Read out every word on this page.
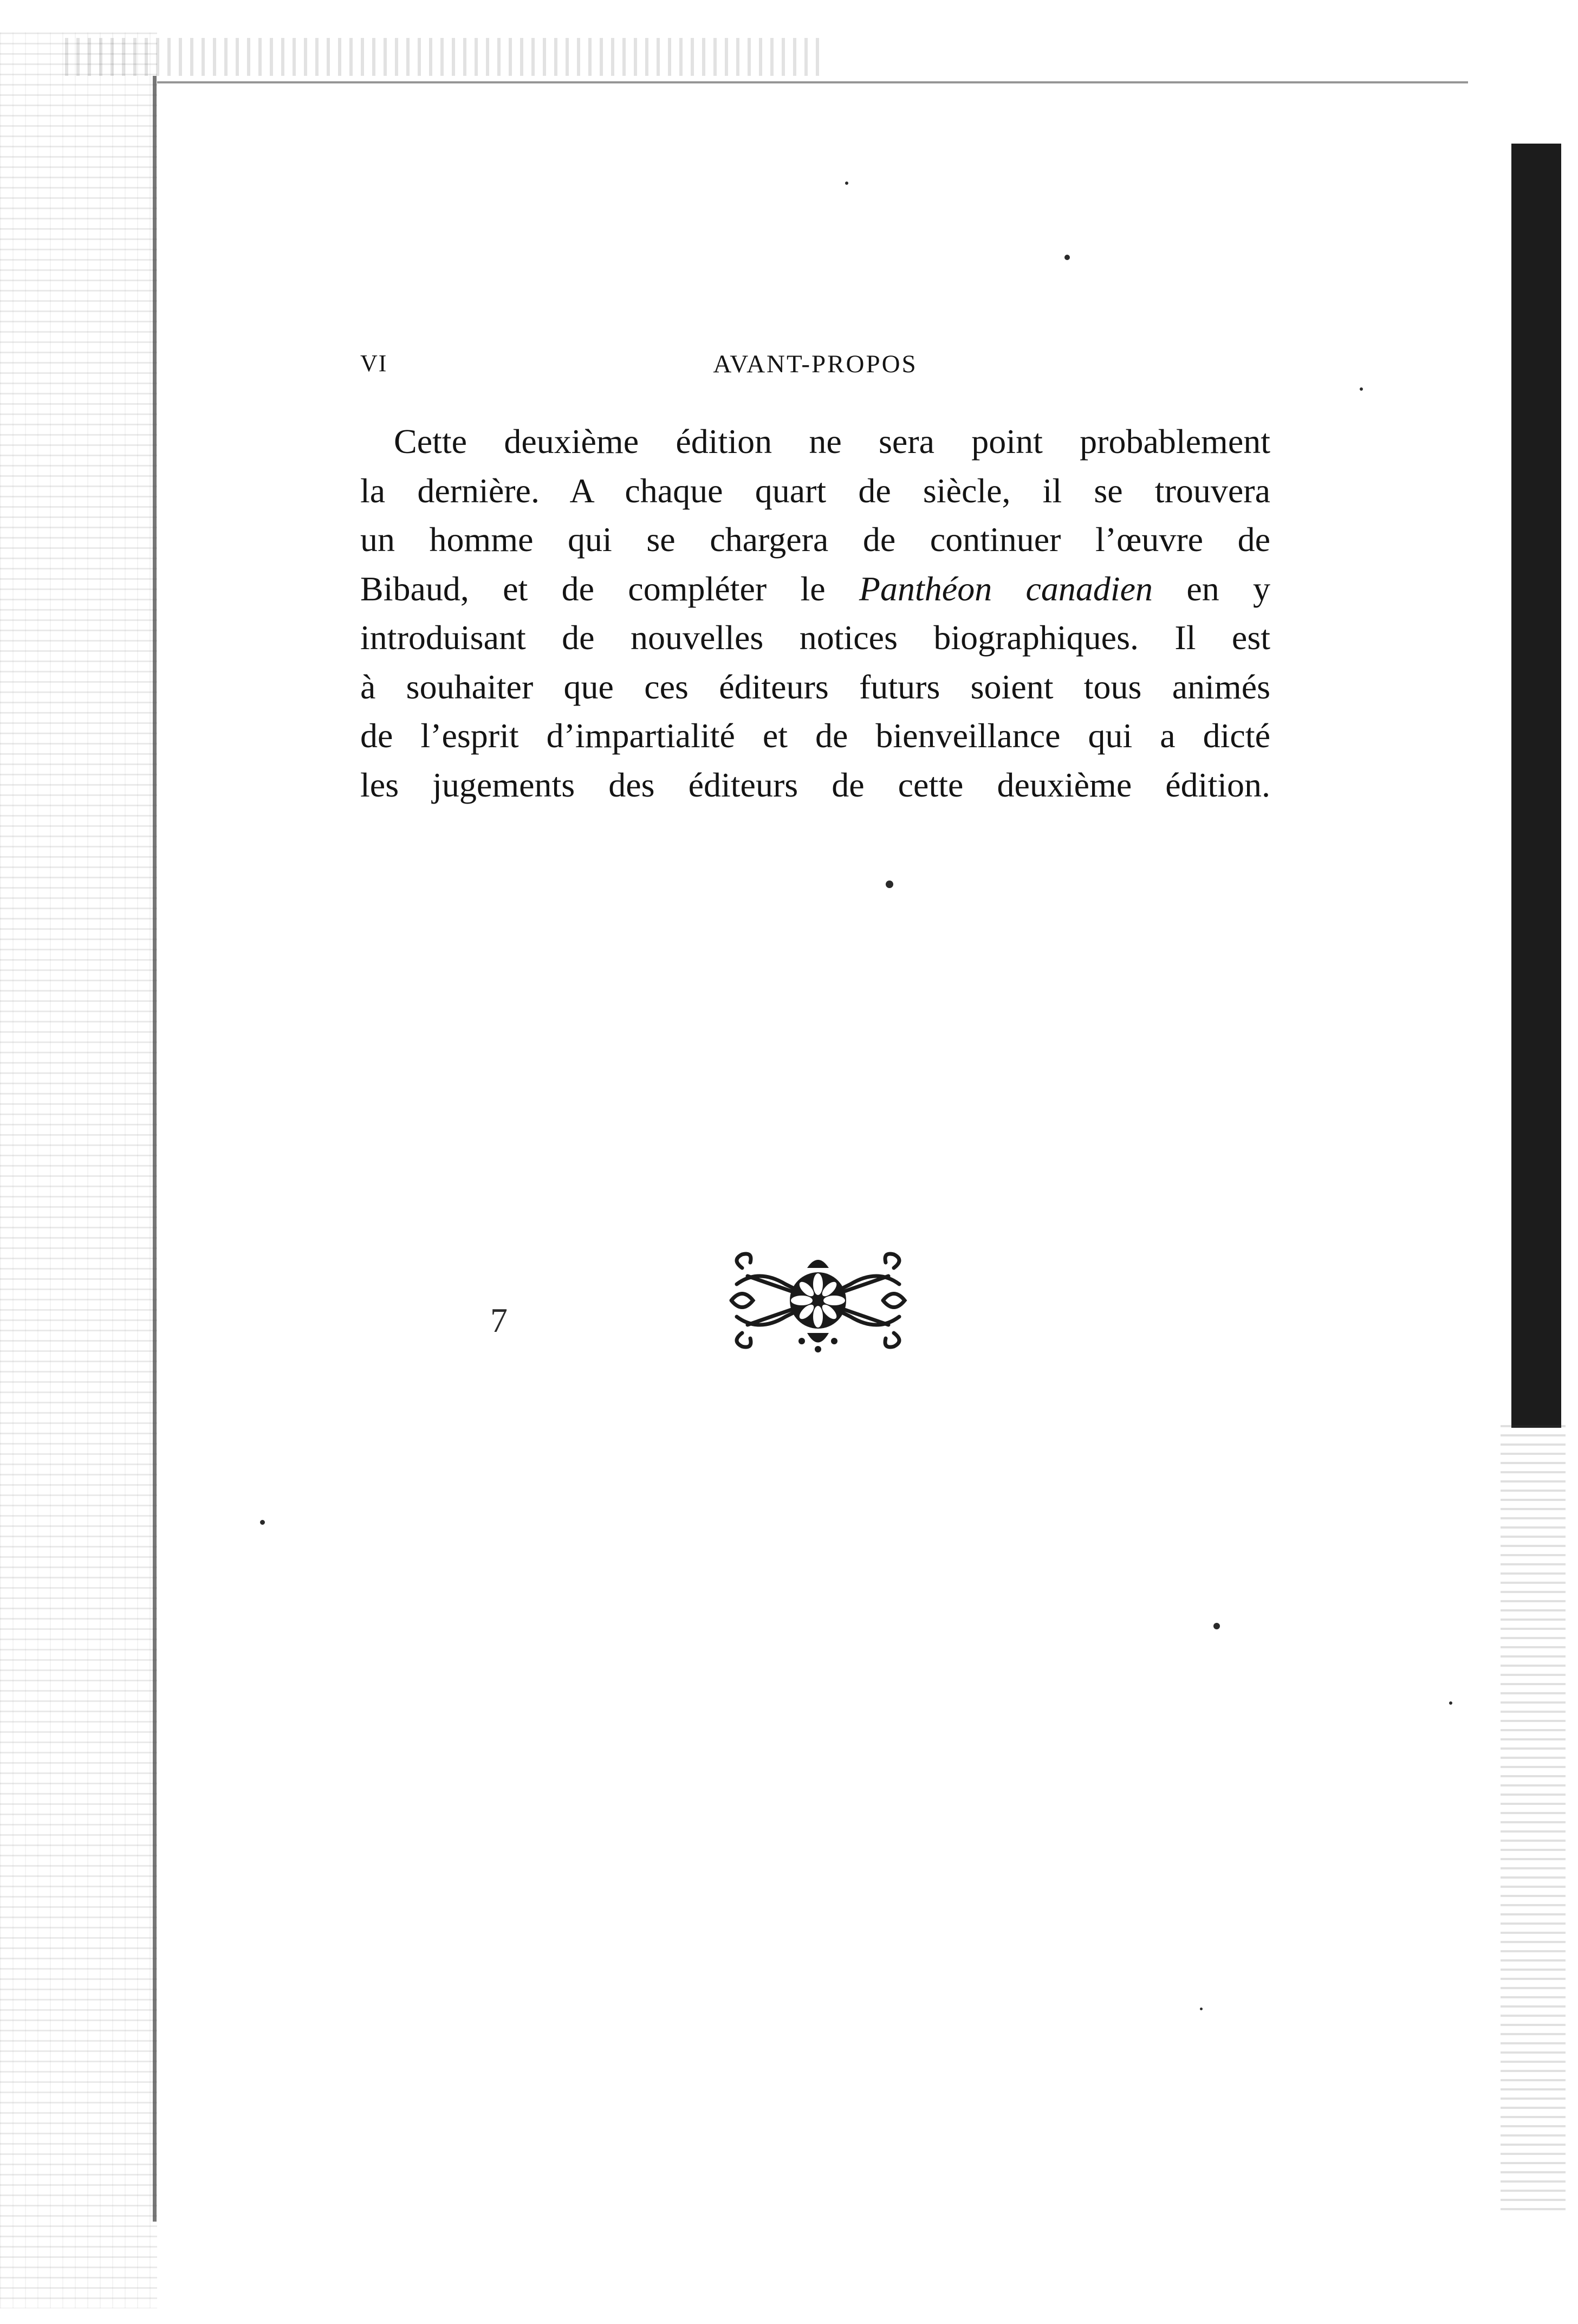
VI	AVANT-PROPOS
Cette deuxième édition ne sera point probablement
la dernière. A chaque quart de siècle, il se trouvera
un homme qui se chargera de continuer l’œuvre de
Bibaud, et de compléter le Panthéon canadien en y
introduisant de nouvelles notices biographiques. Il est
à souhaiter que ces éditeurs futurs soient tous animés
de l’esprit d’impartialité et de bienveillance qui a dicté
les jugements des éditeurs de cette deuxième édition.
7
